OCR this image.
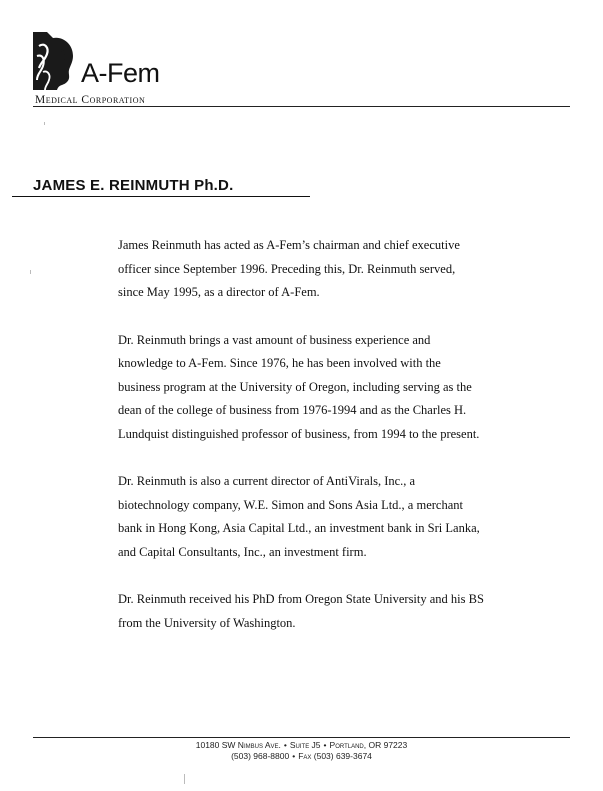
A-Fem
Medical Corporation
JAMES E. REINMUTH Ph.D.

James Reinmuth has acted as A-Fem’s chairman and chief executive
officer since September 1996. Preceding this, Dr. Reinmuth served,
since May 1995, as a director of A-Fem.

Dr. Reinmuth brings a vast amount of business experience and
knowledge to A-Fem. Since 1976, he has been involved with the
business program at the University of Oregon, including serving as the
dean of the college of business from 1976-1994 and as the Charles H.
Lundquist distinguished professor of business, from 1994 to the present.

Dr. Reinmuth is also a current director of AntiVirals, Inc., a
biotechnology company, W.E. Simon and Sons Asia Ltd., a merchant
bank in Hong Kong, Asia Capital Ltd., an investment bank in Sri Lanka,
and Capital Consultants, Inc., an investment firm.

Dr. Reinmuth received his PhD from Oregon State University and his BS
from the University of Washington.

10180 SW Nimbus Ave. • Suite J5 • Portland, OR 97223
(503) 968-8800 • Fax (503) 639-3674
